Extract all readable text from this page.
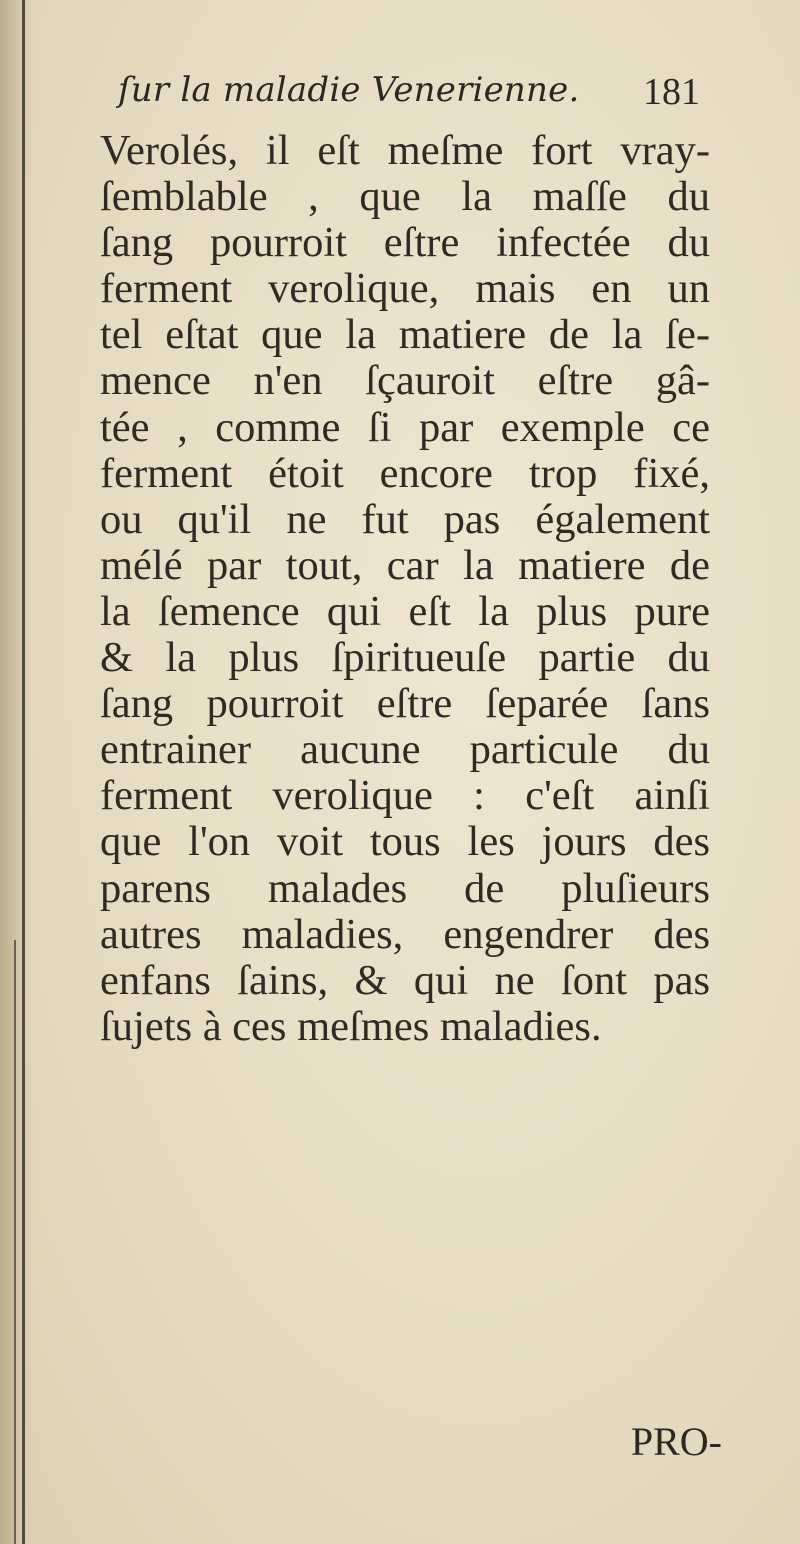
ſur la maladie Venerienne. 181
Verolés, il eſt meſme fort vray-
ſemblable , que la maſſe du
ſang pourroit eſtre infectée du
ferment verolique, mais en un
tel eſtat que la matiere de la ſe-
mence n'en ſçauroit eſtre gâ-
tée , comme ſi par exemple ce
ferment étoit encore trop fixé,
ou qu'il ne fut pas également
mélé par tout, car la matiere de
la ſemence qui eſt la plus pure
& la plus ſpiritueuſe partie du
ſang pourroit eſtre ſeparée ſans
entrainer aucune particule du
ferment verolique : c'eſt ainſi
que l'on voit tous les jours des
parens malades de pluſieurs
autres maladies, engendrer des
enfans ſains, & qui ne ſont pas
ſujets à ces meſmes maladies.
PRO-
